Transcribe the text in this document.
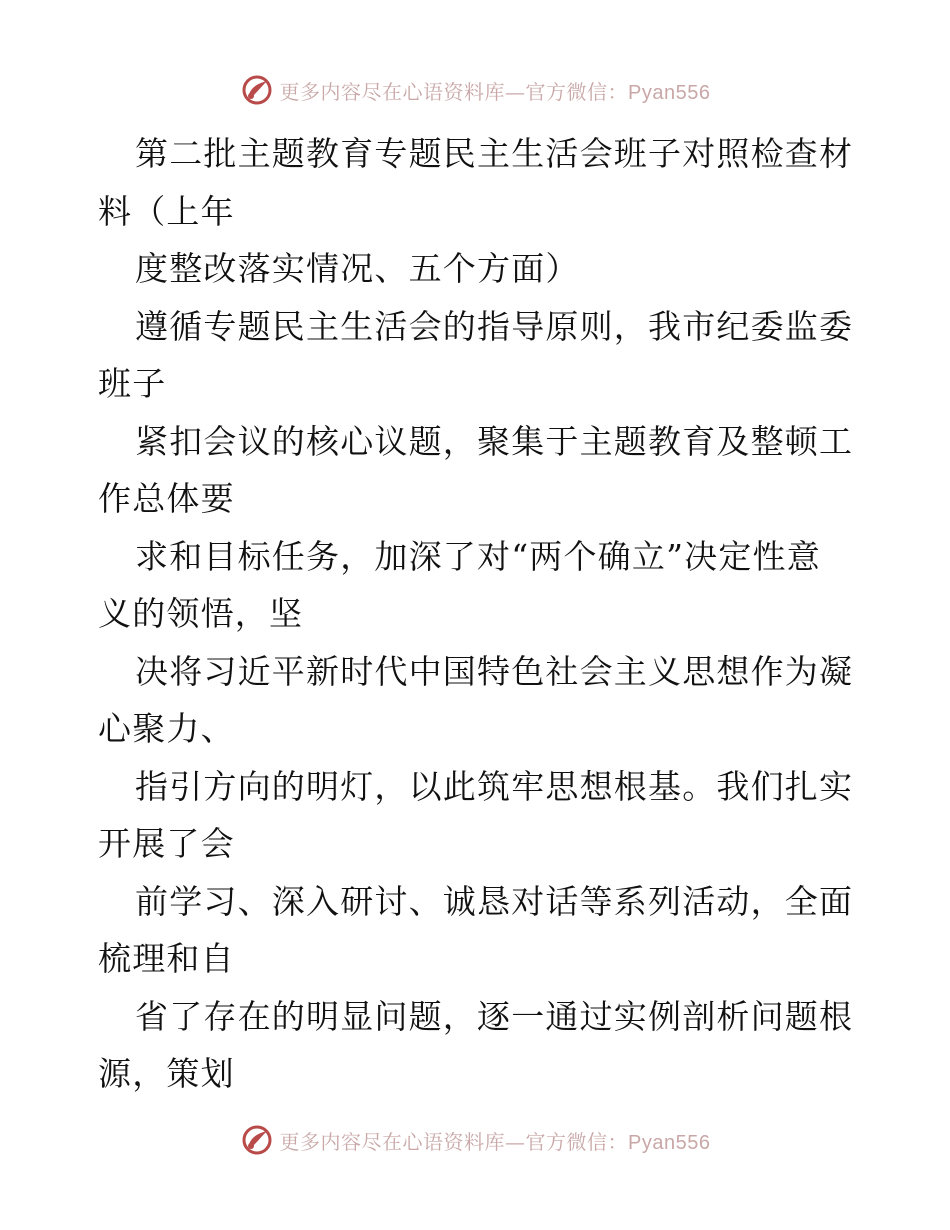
更多内容尽在心语资料库—官方微信：Pyan556
第二批主题教育专题民主生活会班子对照检查材
料（上年
度整改落实情况、五个方面）
遵循专题民主生活会的指导原则，我市纪委监委
班子
紧扣会议的核心议题，聚集于主题教育及整顿工
作总体要
求和目标任务，加深了对“两个确立”决定性意
义的领悟，坚
决将习近平新时代中国特色社会主义思想作为凝
心聚力、
指引方向的明灯，以此筑牢思想根基。我们扎实
开展了会
前学习、深入研讨、诚恳对话等系列活动，全面
梳理和自
省了存在的明显问题，逐一通过实例剖析问题根
源，策划
更多内容尽在心语资料库—官方微信：Pyan556
